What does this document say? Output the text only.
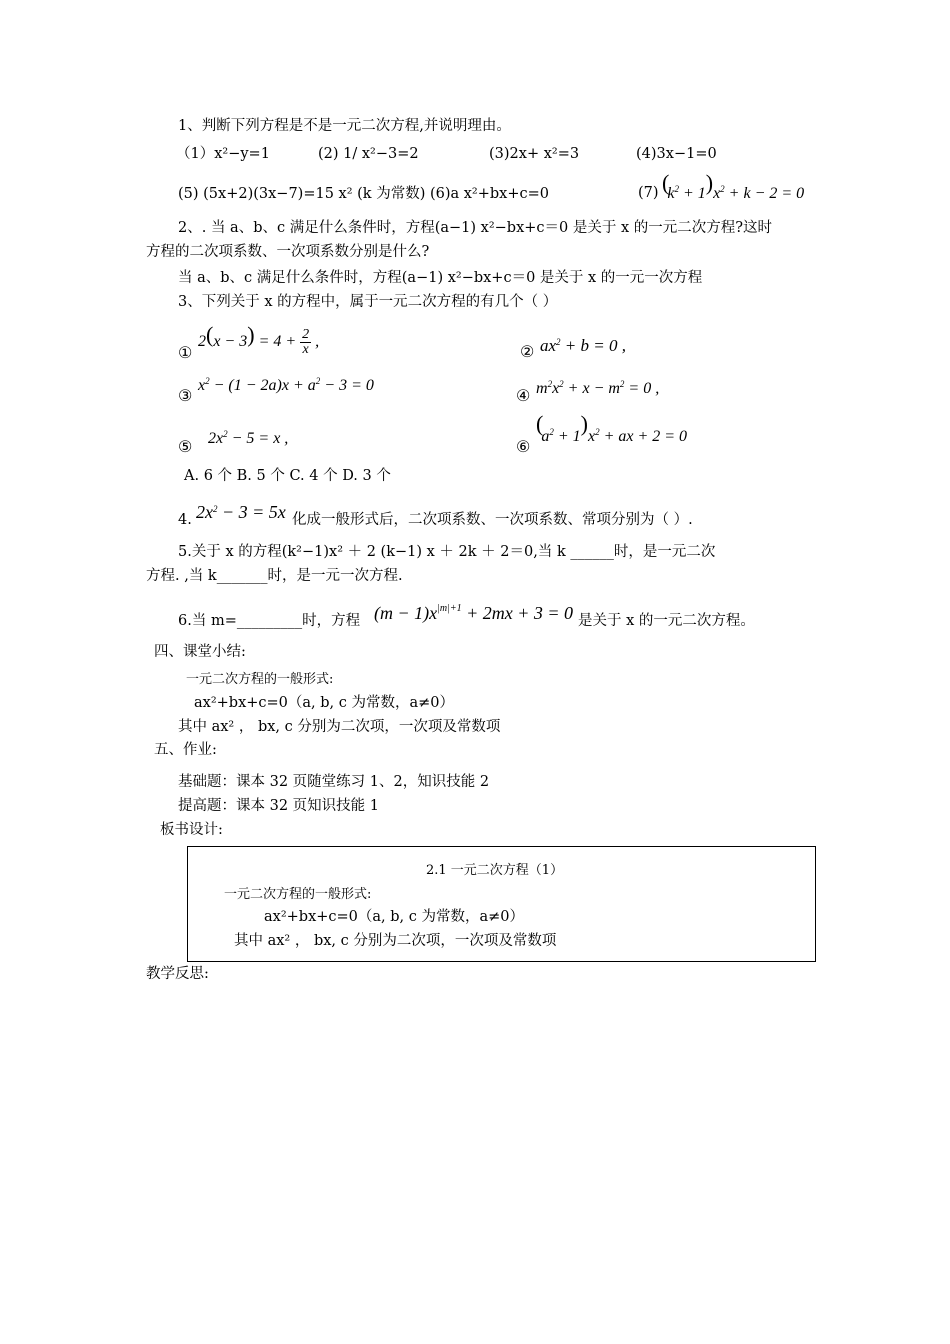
1、判断下列方程是不是一元二次方程,并说明理由。
（1）x²−y=1	(2) 1/ x²−3=2	(3)2x+ x²=3	(4)3x−1=0
(5) (5x+2)(3x−7)=15 x² (k 为常数) (6)a x²+bx+c=0	(7) $(k^2 + 1)x^2 + k - 2 = 0$
2、. 当 a、b、c 满足什么条件时，方程(a−1) x²−bx+c＝0 是关于 x 的一元二次方程?这时
方程的二次项系数、一次项系数分别是什么?
当 a、b、c 满足什么条件时，方程(a−1) x²−bx+c＝0 是关于 x 的一元一次方程
3、下列关于 x 的方程中，属于一元二次方程的有几个（ ）
①
$2(x - 3) = 4 + \frac{2}{x}$ ,
② $ax^2 + b = 0$ ,
③
$x^2 - (1 - 2a)x + a^2 - 3 = 0$
④ $m^2x^2 + x - m^2 = 0$ ,
⑤ $2x^2 - 5 = x$ ,	⑥
$(a^2 + 1)x^2$ + ax + 2 = 0
A. 6 个 B. 5 个 C. 4 个 D. 3 个
4. $2x^2 - 3 = 5x$ 化成一般形式后，二次项系数、一次项系数、常项分别为（ ）.
5.关于 x 的方程(k²−1)x² ＋ 2 (k−1) x ＋ 2k ＋ 2＝0,当 k ______时，是一元二次
方程. ,当 k_______时，是一元一次方程.
6.当 m=_________时，方程 $(m - 1)x^{|m|+1} + 2mx + 3 = 0$ 是关于 x 的一元二次方程。
四、课堂小结:
一元二次方程的一般形式:
ax²+bx+c=0（a, b, c 为常数，a≠0）
其中 ax² ， bx, c 分别为二次项，一次项及常数项
五、作业:
基础题：课本 32 页随堂练习 1、2，知识技能 2
提高题：课本 32 页知识技能 1
板书设计:
2.1 一元二次方程（1）
一元二次方程的一般形式:
ax²+bx+c=0（a, b, c 为常数，a≠0）
其中 ax² ， bx, c 分别为二次项，一次项及常数项
教学反思:
